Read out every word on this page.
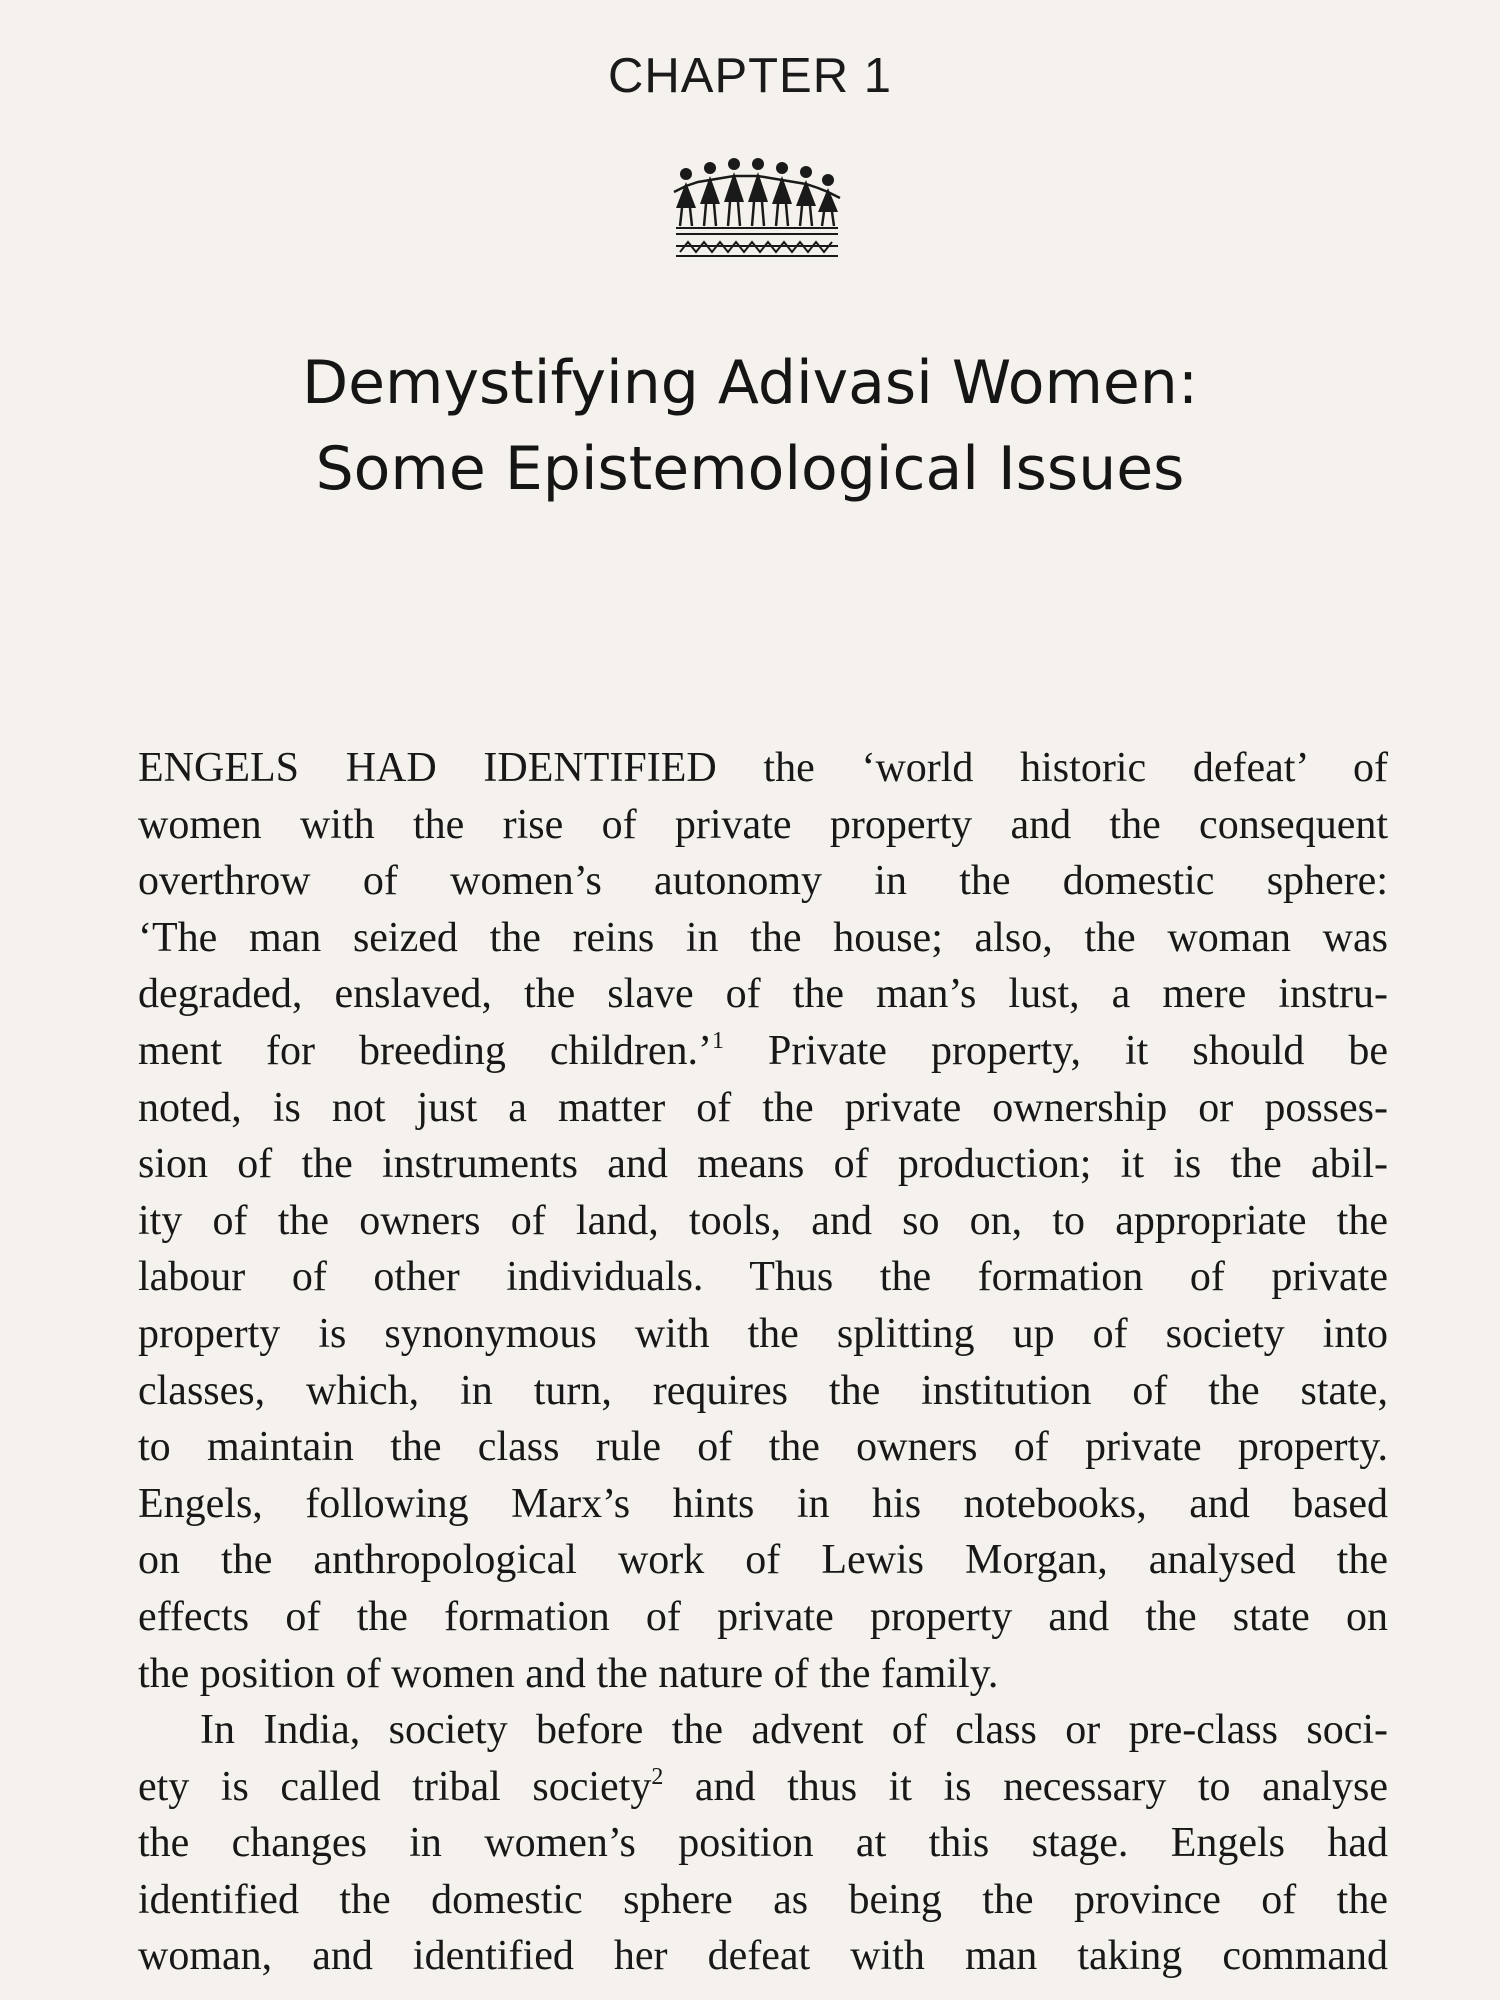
CHAPTER 1
Demystifying Adivasi Women:
Some Epistemological Issues
ENGELS HAD IDENTIFIED the ‘world historic defeat’ of
women with the rise of private property and the consequent
overthrow of women’s autonomy in the domestic sphere:
‘The man seized the reins in the house; also, the woman was
degraded, enslaved, the slave of the man’s lust, a mere instru-
ment for breeding children.’$^1$ Private property, it should be
noted, is not just a matter of the private ownership or posses-
sion of the instruments and means of production; it is the abil-
ity of the owners of land, tools, and so on, to appropriate the
labour of other individuals. Thus the formation of private
property is synonymous with the splitting up of society into
classes, which, in turn, requires the institution of the state,
to maintain the class rule of the owners of private property.
Engels, following Marx’s hints in his notebooks, and based
on the anthropological work of Lewis Morgan, analysed the
effects of the formation of private property and the state on
the position of women and the nature of the family.
In India, society before the advent of class or pre-class soci-
ety is called tribal society$^2$ and thus it is necessary to analyse
the changes in women’s position at this stage. Engels had
identified the domestic sphere as being the province of the
woman, and identified her defeat with man taking command
